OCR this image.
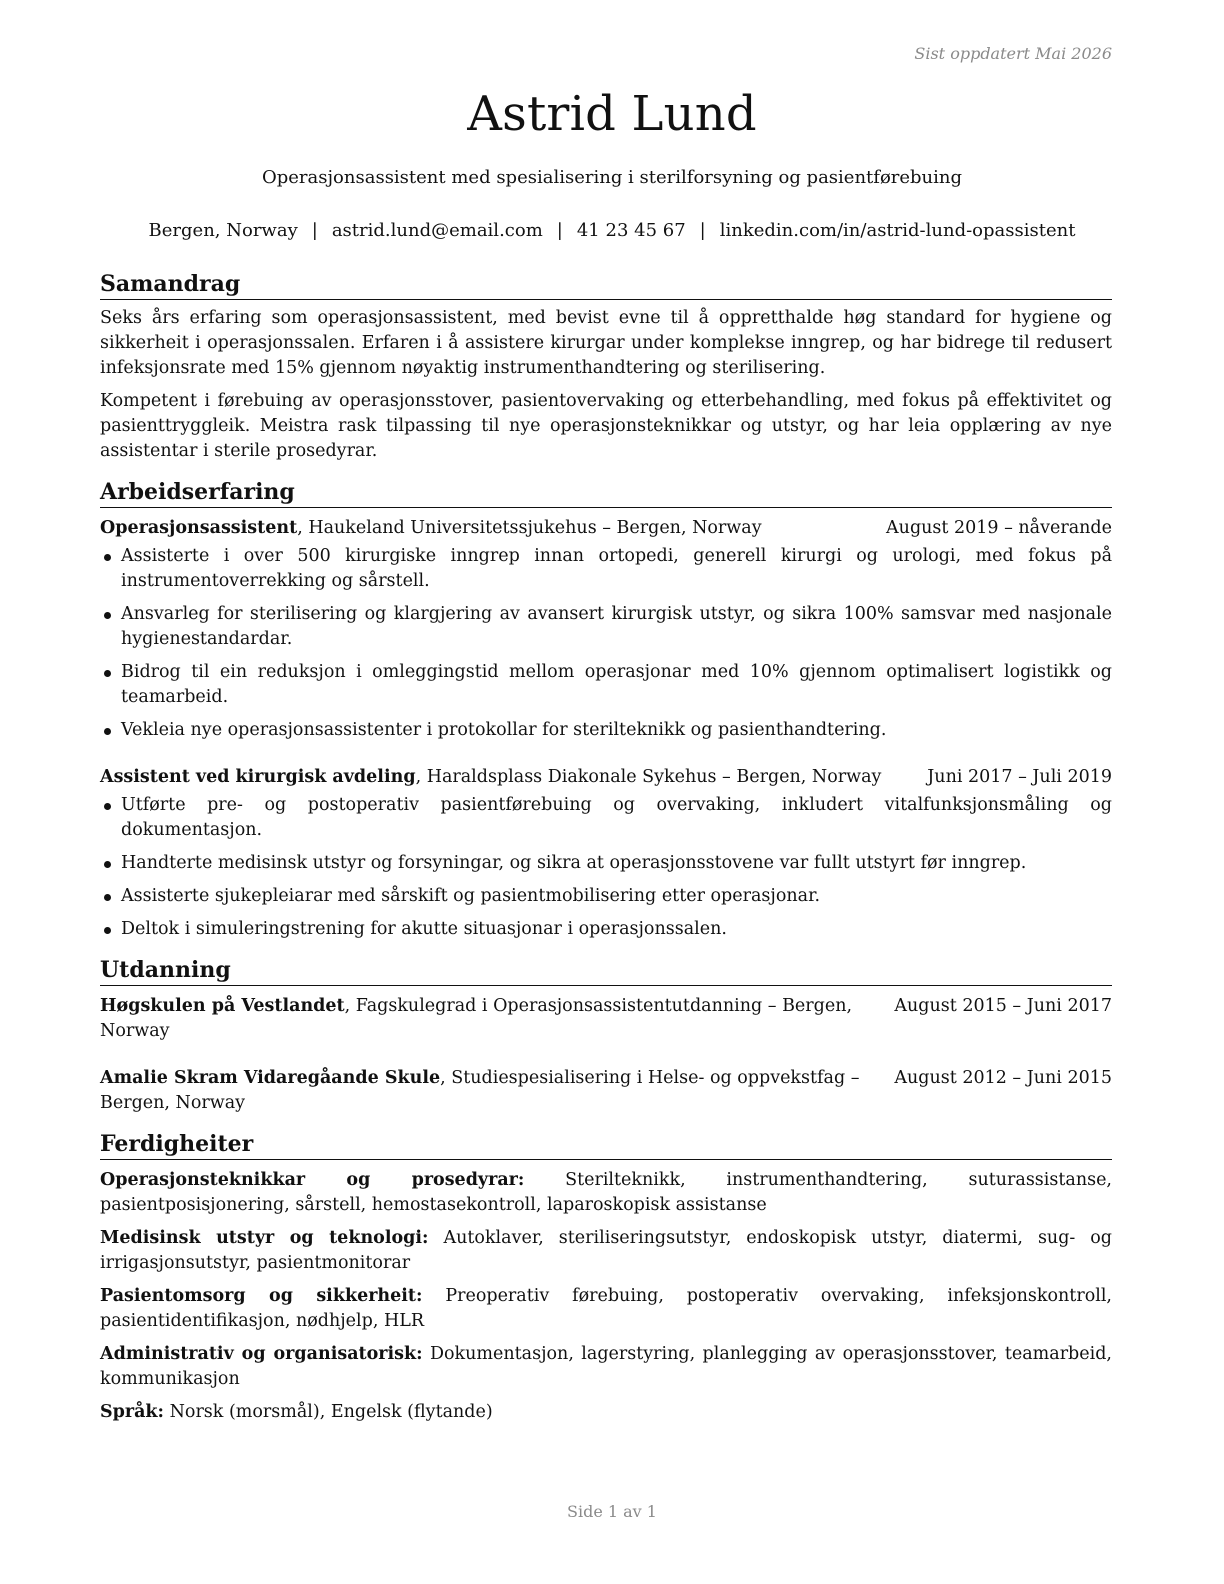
Sist oppdatert Mai 2026
Astrid Lund
Operasjonsassistent med spesialisering i sterilforsyning og pasientførebuing
Bergen, Norway | astrid.lund@email.com | 41 23 45 67 | linkedin.com/in/astrid-lund-opassistent
Samandrag

Seks års erfaring som operasjonsassistent, med bevist evne til å oppretthalde høg standard for hygiene og sikkerheit i operasjonssalen. Erfaren i å assistere kirurgar under komplekse inngrep, og har bidrege til redusert infeksjonsrate med 15% gjennom nøyaktig instrumenthandtering og sterilisering.

Kompetent i førebuing av operasjonsstover, pasientovervaking og etterbehandling, med fokus på effektivitet og pasienttryggleik. Meistra rask tilpassing til nye operasjonsteknikkar og utstyr, og har leia opplæring av nye assistentar i sterile prosedyrar.

Arbeidserfaring
Operasjonsassistent, Haukeland Universitetssjukehus – Bergen, Norway	August 2019 – nåverande
Assisterte i over 500 kirurgiske inngrep innan ortopedi, generell kirurgi og urologi, med fokus på instrumentoverrekking og sårstell.
Ansvarleg for sterilisering og klargjering av avansert kirurgisk utstyr, og sikra 100% samsvar med nasjonale hygienestandardar.
Bidrog til ein reduksjon i omleggingstid mellom operasjonar med 10% gjennom optimalisert logistikk og teamarbeid.
Vekleia nye operasjonsassistenter i protokollar for sterilteknikk og pasienthandtering.
Assistent ved kirurgisk avdeling, Haraldsplass Diakonale Sykehus – Bergen, Norway	Juni 2017 – Juli 2019
Utførte pre- og postoperativ pasientførebuing og overvaking, inkludert vitalfunksjonsmåling og dokumentasjon.
Handterte medisinsk utstyr og forsyningar, og sikra at operasjonsstovene var fullt utstyrt før inngrep.
Assisterte sjukepleiarar med sårskift og pasientmobilisering etter operasjonar.
Deltok i simuleringstrening for akutte situasjonar i operasjonssalen.
Utdanning
Høgskulen på Vestlandet, Fagskulegrad i Operasjonsassistentutdanning – Bergen, Norway
August 2015 – Juni 2017
Amalie Skram Vidaregåande Skule, Studiespesialisering i Helse- og oppvekstfag – Bergen, Norway
August 2012 – Juni 2015
Ferdigheiter

Operasjonsteknikkar og prosedyrar: Sterilteknikk, instrumenthandtering, suturassistanse, pasientposisjonering, sårstell, hemostasekontroll, laparoskopisk assistanse

Medisinsk utstyr og teknologi: Autoklaver, steriliseringsutstyr, endoskopisk utstyr, diatermi, sug- og irrigasjonsutstyr, pasientmonitorar

Pasientomsorg og sikkerheit: Preoperativ førebuing, postoperativ overvaking, infeksjonskontroll, pasientidentifikasjon, nødhjelp, HLR

Administrativ og organisatorisk: Dokumentasjon, lagerstyring, planlegging av operasjonsstover, teamarbeid, kommunikasjon

Språk: Norsk (morsmål), Engelsk (flytande)

Side 1 av 1
